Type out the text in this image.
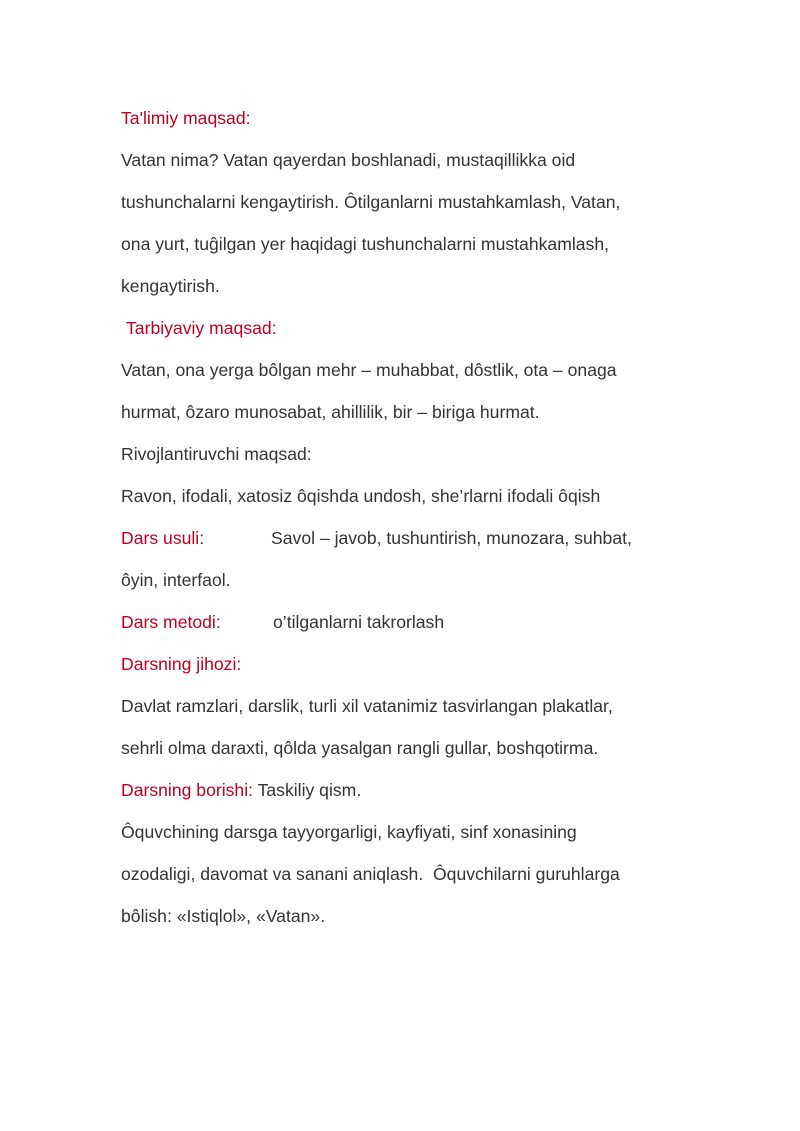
Ta'limiy maqsad:
Vatan nima? Vatan qayerdan boshlanadi, mustaqillikka oid
tushunchalarni kengaytirish. Ôtilganlarni mustahkamlash, Vatan,
ona yurt, tuĝilgan yer haqidagi tushunchalarni mustahkamlash,
kengaytirish.
Tarbiyaviy maqsad:
Vatan, ona yerga bôlgan mehr – muhabbat, dôstlik, ota – onaga
hurmat, ôzaro munosabat, ahillilik, bir – biriga hurmat.
Rivojlantiruvchi maqsad:
Ravon, ifodali, xatosiz ôqishda undosh, she’rlarni ifodali ôqish
Dars usuli:	Savol – javob, tushuntirish, munozara, suhbat,
ôyin, interfaol.
Dars metodi:	o’tilganlarni takrorlash
Darsning jihozi:
Davlat ramzlari, darslik, turli xil vatanimiz tasvirlangan plakatlar,
sehrli olma daraxti, qôlda yasalgan rangli gullar, boshqotirma.
Darsning borishi: Taskiliy qism.
Ôquvchining darsga tayyorgarligi, kayfiyati, sinf xonasining
ozodaligi, davomat va sanani aniqlash.  Ôquvchilarni guruhlarga
bôlish: «Istiqlol», «Vatan».
